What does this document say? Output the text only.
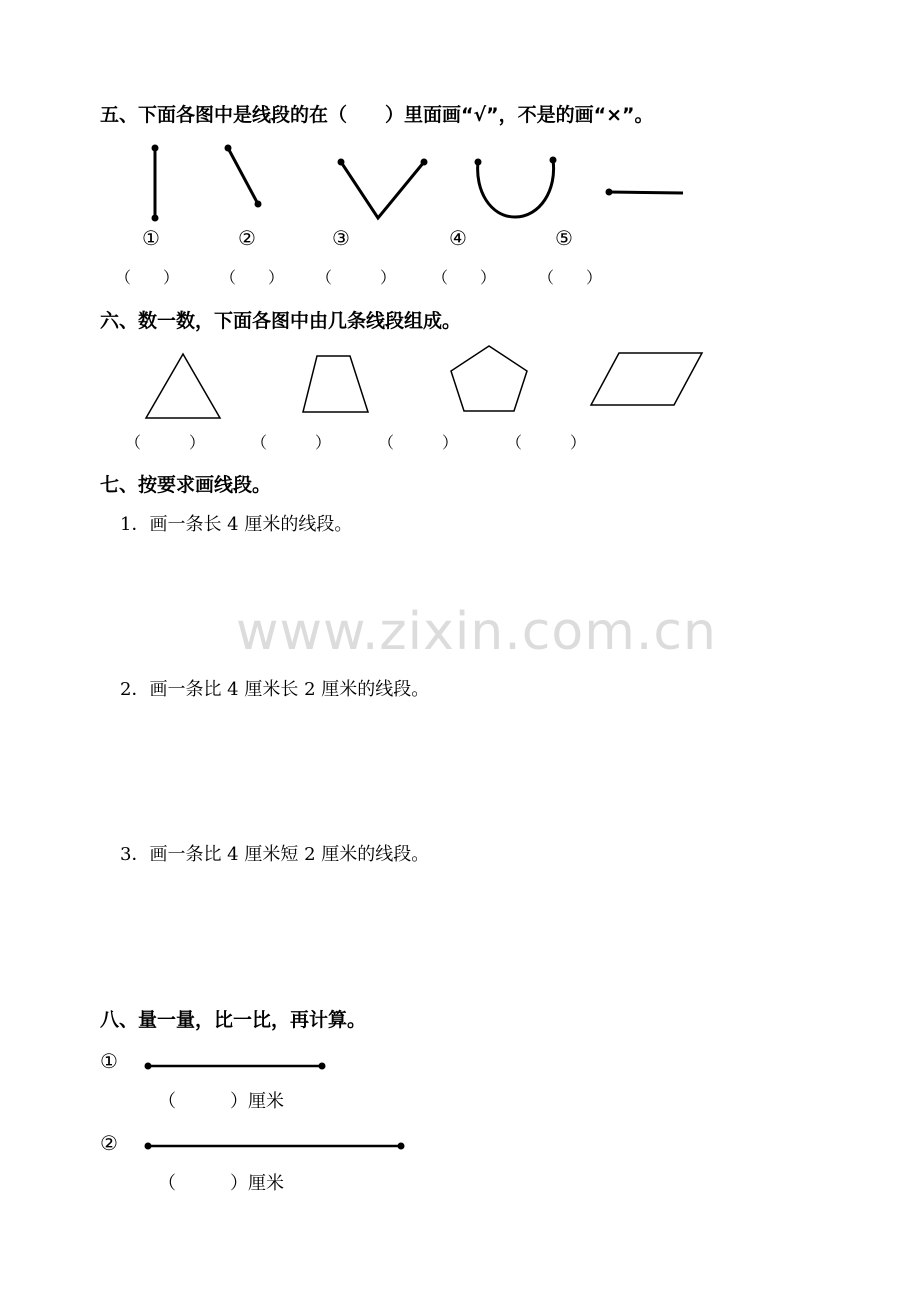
五、下面各图中是线段的在（　　）里面画“√”，不是的画“×”。
①	②	③	④	⑤
（　　）	（　　） （　　　） （　　）	（　　）
六、数一数，下面各图中由几条线段组成。
（　　　）	（　　　）	（　　　）	（　　　）
七、按要求画线段。
1．画一条长 4 厘米的线段。
www.zixin.com.cn
2．画一条比 4 厘米长 2 厘米的线段。
3．画一条比 4 厘米短 2 厘米的线段。
八、量一量，比一比，再计算。
①
（　　　）厘米
②
（　　　）厘米
